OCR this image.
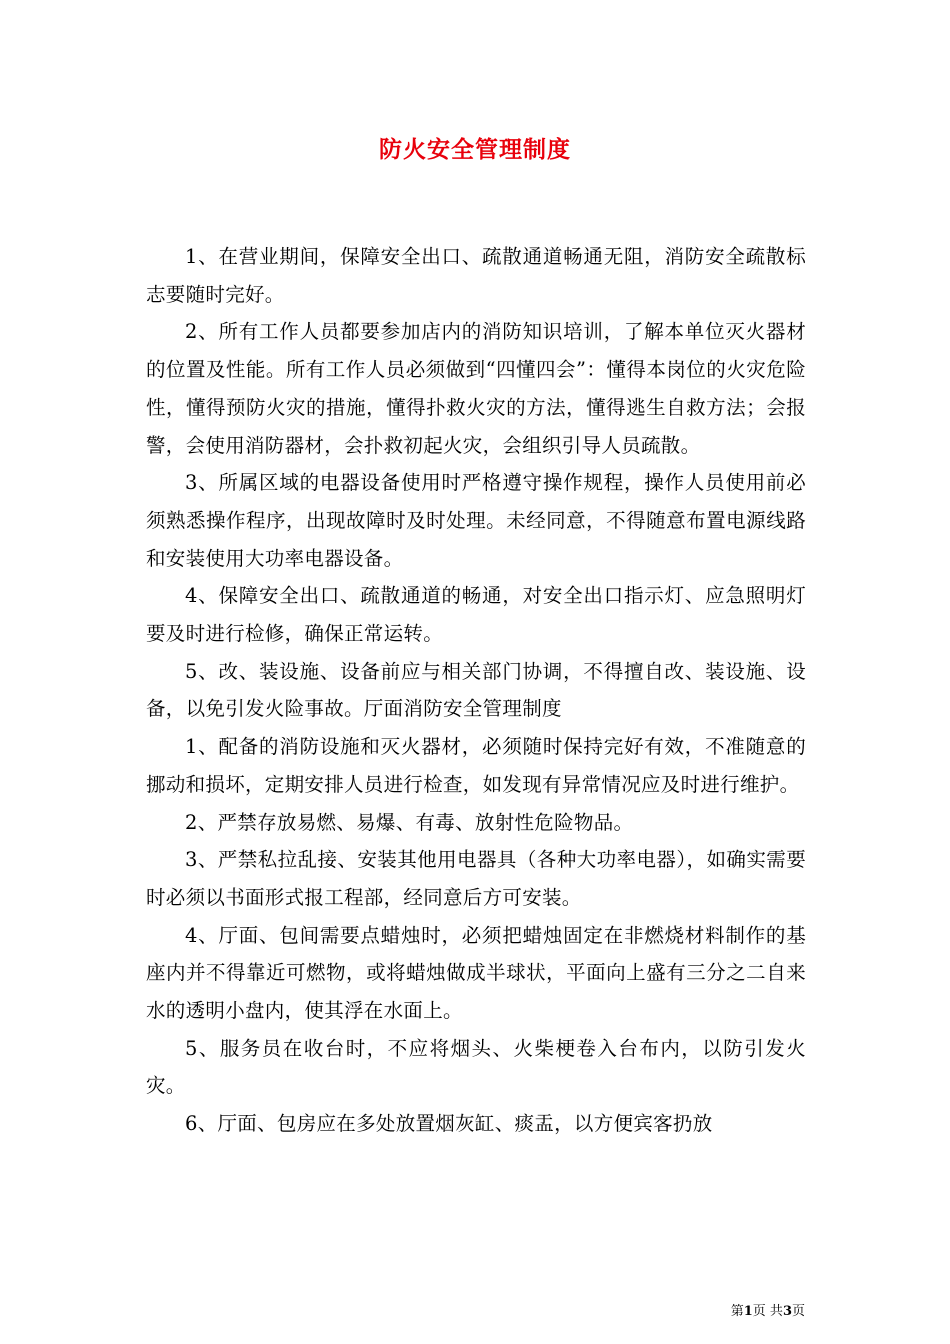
防火安全管理制度

1、在营业期间，保障安全出口、疏散通道畅通无阻，消防安全疏散标志要随时完好。

2、所有工作人员都要参加店内的消防知识培训，了解本单位灭火器材的位置及性能。所有工作人员必须做到“四懂四会”：懂得本岗位的火灾危险性，懂得预防火灾的措施，懂得扑救火灾的方法，懂得逃生自救方法；会报警，会使用消防器材，会扑救初起火灾，会组织引导人员疏散。

3、所属区域的电器设备使用时严格遵守操作规程，操作人员使用前必须熟悉操作程序，出现故障时及时处理。未经同意，不得随意布置电源线路和安装使用大功率电器设备。

4、保障安全出口、疏散通道的畅通，对安全出口指示灯、应急照明灯要及时进行检修，确保正常运转。

5、改、装设施、设备前应与相关部门协调，不得擅自改、装设施、设备，以免引发火险事故。厅面消防安全管理制度

1、配备的消防设施和灭火器材，必须随时保持完好有效，不准随意的挪动和损坏，定期安排人员进行检查，如发现有异常情况应及时进行维护。

2、严禁存放易燃、易爆、有毒、放射性危险物品。

3、严禁私拉乱接、安装其他用电器具（各种大功率电器），如确实需要时必须以书面形式报工程部，经同意后方可安装。

4、厅面、包间需要点蜡烛时，必须把蜡烛固定在非燃烧材料制作的基座内并不得靠近可燃物，或将蜡烛做成半球状，平面向上盛有三分之二自来水的透明小盘内，使其浮在水面上。

5、服务员在收台时，不应将烟头、火柴梗卷入台布内，以防引发火灾。

6、厅面、包房应在多处放置烟灰缸、痰盂，以方便宾客扔放

第1页 共3页
